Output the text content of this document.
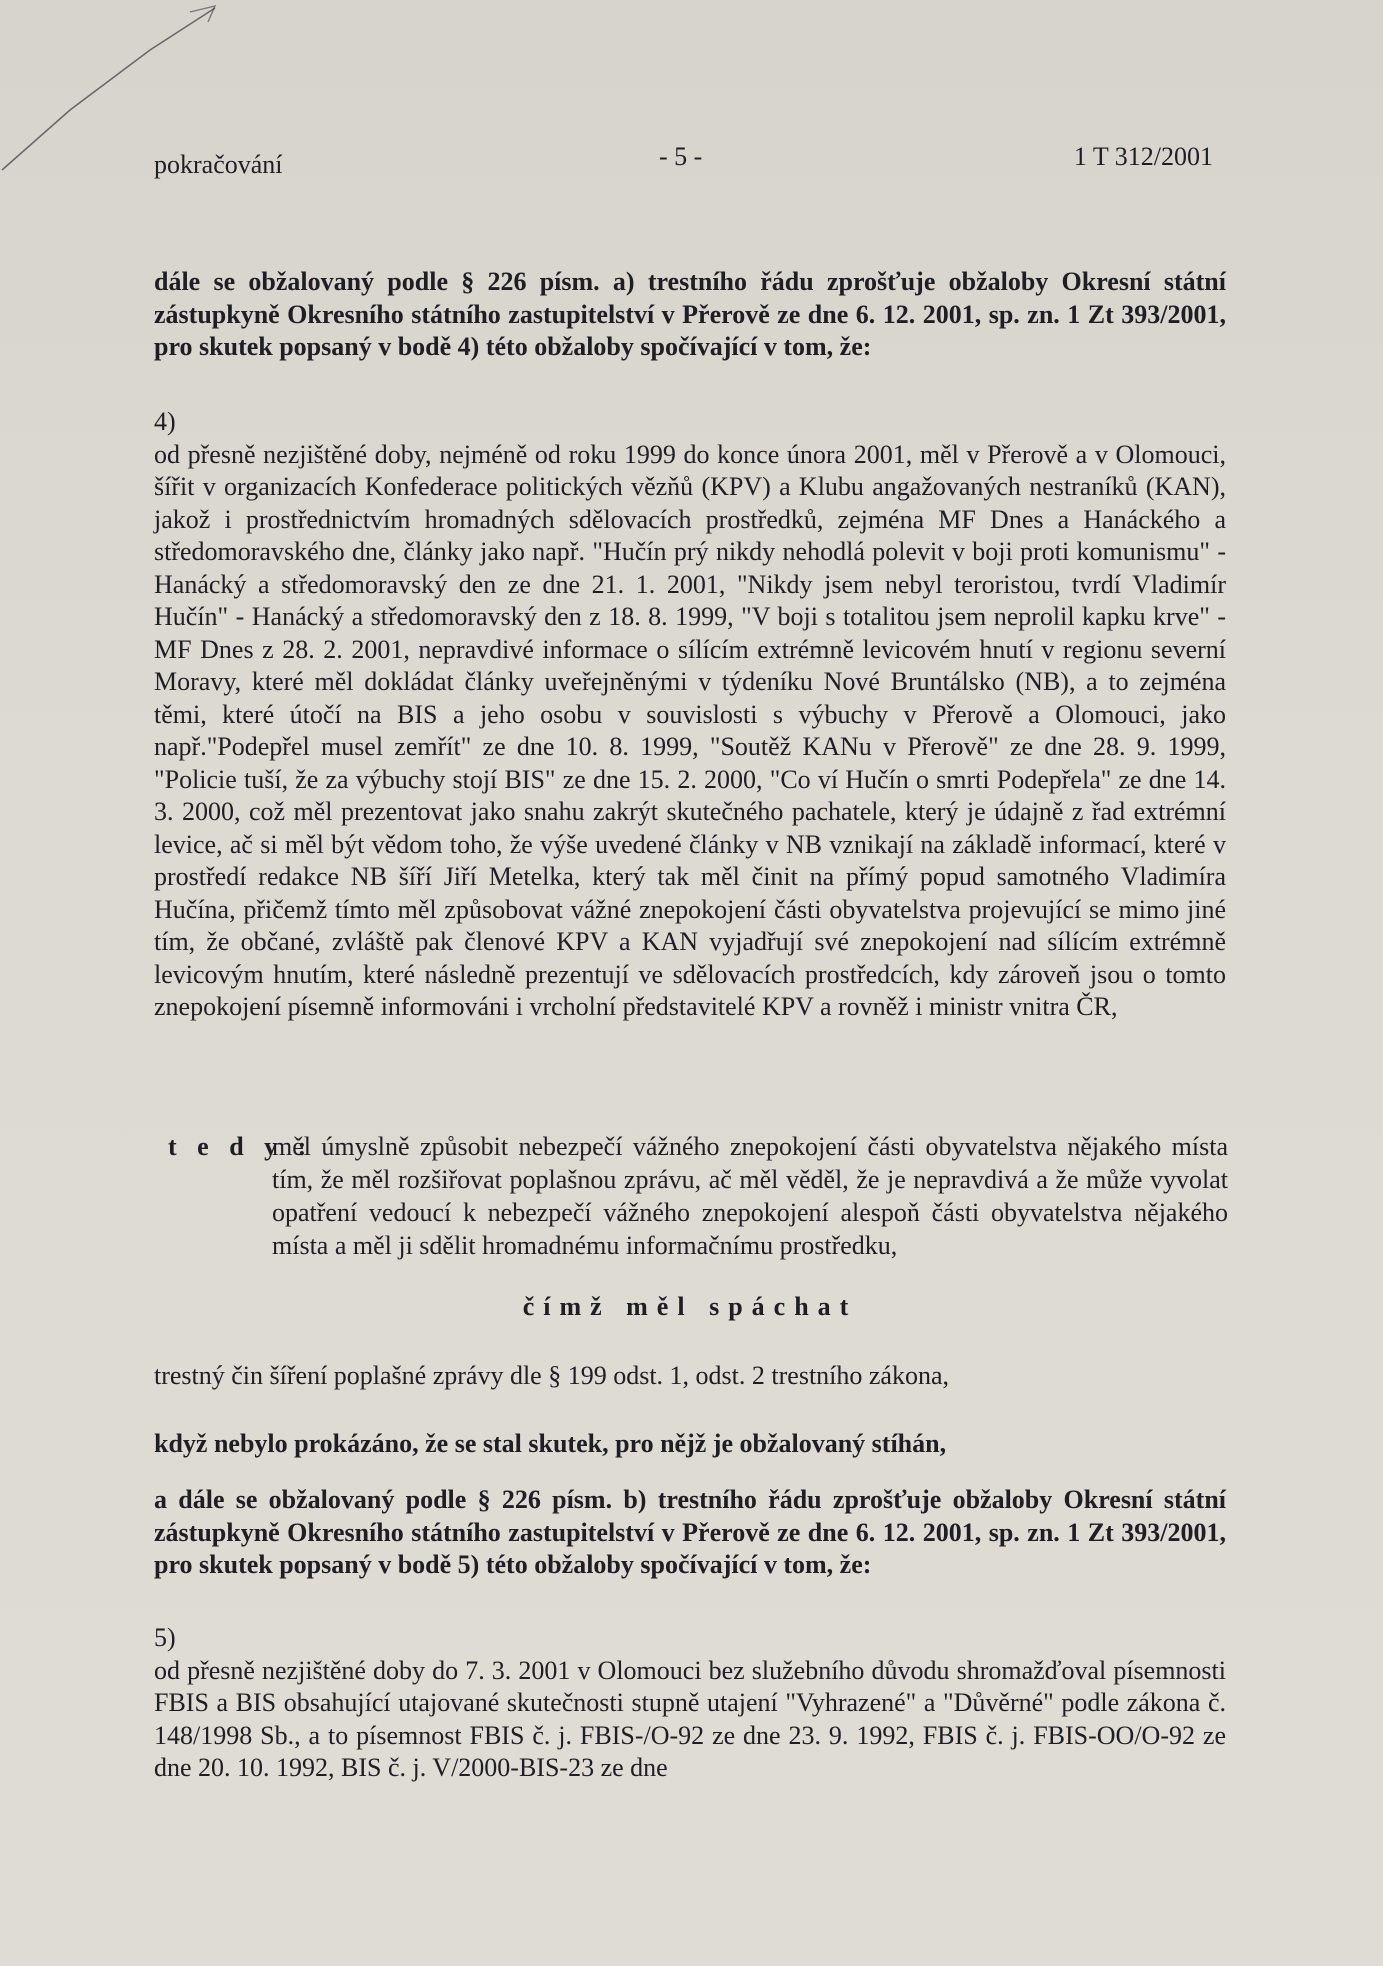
pokračování	- 5 -	1 T 312/2001
dále se obžalovaný podle § 226 písm. a) trestního řádu zprošťuje obžaloby Okresní státní zástupkyně Okresního státního zastupitelství v Přerově ze dne 6. 12. 2001, sp. zn. 1 Zt 393/2001, pro skutek popsaný v bodě 4) této obžaloby spočívající v tom, že:
4)
od přesně nezjištěné doby, nejméně od roku 1999 do konce února 2001, měl v Přerově a v Olomouci, šířit v organizacích Konfederace politických vězňů (KPV) a Klubu angažovaných nestraníků (KAN), jakož i prostřednictvím hromadných sdělovacích prostředků, zejména MF Dnes a Hanáckého a středomoravského dne, články jako např. "Hučín prý nikdy nehodlá polevit v boji proti komunismu" - Hanácký a středomoravský den ze dne 21. 1. 2001, "Nikdy jsem nebyl teroristou, tvrdí Vladimír Hučín" - Hanácký a středomoravský den z 18. 8. 1999, "V boji s totalitou jsem neprolil kapku krve" - MF Dnes z 28. 2. 2001, nepravdivé informace o sílícím extrémně levicovém hnutí v regionu severní Moravy, které měl dokládat články uveřejněnými v týdeníku Nové Bruntálsko (NB), a to zejména těmi, které útočí na BIS a jeho osobu v souvislosti s výbuchy v Přerově a Olomouci, jako např."Podepřel musel zemřít" ze dne 10. 8. 1999, "Soutěž KANu v Přerově" ze dne 28. 9. 1999, "Policie tuší, že za výbuchy stojí BIS" ze dne 15. 2. 2000, "Co ví Hučín o smrti Podepřela" ze dne 14. 3. 2000, což měl prezentovat jako snahu zakrýt skutečného pachatele, který je údajně z řad extrémní levice, ač si měl být vědom toho, že výše uvedené články v NB vznikají na základě informací, které v prostředí redakce NB šíří Jiří Metelka, který tak měl činit na přímý popud samotného Vladimíra Hučína, přičemž tímto měl způsobovat vážné znepokojení části obyvatelstva projevující se mimo jiné tím, že občané, zvláště pak členové KPV a KAN vyjadřují své znepokojení nad sílícím extrémně levicovým hnutím, které následně prezentují ve sdělovacích prostředcích, kdy zároveň jsou o tomto znepokojení písemně informováni i vrcholní představitelé KPV a rovněž i ministr vnitra ČR,
t e d y :
měl úmyslně způsobit nebezpečí vážného znepokojení části obyvatelstva nějakého místa tím, že měl rozšiřovat poplašnou zprávu, ač měl věděl, že je nepravdivá a že může vyvolat opatření vedoucí k nebezpečí vážného znepokojení alespoň části obyvatelstva nějakého místa a měl ji sdělit hromadnému informačnímu prostředku,
čímž měl spáchat
trestný čin šíření poplašné zprávy dle § 199 odst. 1, odst. 2 trestního zákona,
když nebylo prokázáno, že se stal skutek, pro nějž je obžalovaný stíhán,
a dále se obžalovaný podle § 226 písm. b) trestního řádu zprošťuje obžaloby Okresní státní zástupkyně Okresního státního zastupitelství v Přerově ze dne 6. 12. 2001, sp. zn. 1 Zt 393/2001, pro skutek popsaný v bodě 5) této obžaloby spočívající v tom, že:
5)
od přesně nezjištěné doby do 7. 3. 2001 v Olomouci bez služebního důvodu shromažďoval písemnosti FBIS a BIS obsahující utajované skutečnosti stupně utajení "Vyhrazené" a "Důvěrné" podle zákona č. 148/1998 Sb., a to písemnost FBIS č. j. FBIS-/O-92 ze dne 23. 9. 1992, FBIS č. j. FBIS-OO/O-92 ze dne 20. 10. 1992, BIS č. j. V/2000-BIS-23 ze dne
